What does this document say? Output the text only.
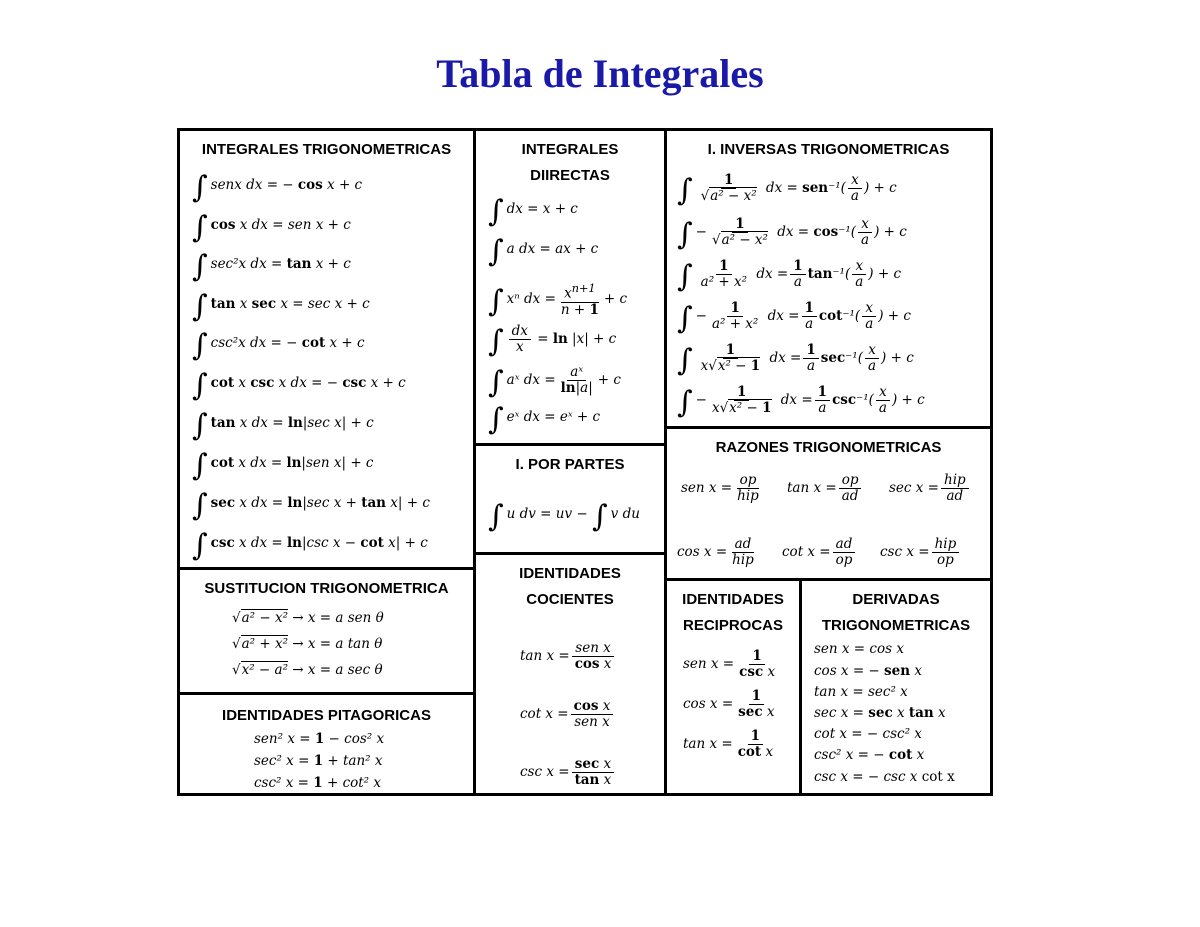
Tabla de Integrales
INTEGRALES TRIGONOMETRICAS
∫ senx dx = − cos x + c
∫ cos x dx = sen x + c
∫ sec²x dx = tan x + c
∫ tan x sec x = sec x + c
∫ csc²x dx = − cot x + c
∫ cot x csc x dx = − csc x + c
∫ tan x dx = ln|sec x| + c
∫ cot x dx = ln|sen x| + c
∫ sec x dx = ln|sec x + tan x| + c
∫ csc x dx = ln|csc x − cot x| + c
INTEGRALES
DIIRECTAS
∫ dx = x + c
∫ a dx = ax + c
∫ xⁿ dx = $\frac{x^{n+1}}{n + 1} + c$
∫ $\frac{dx}{x} = \ln |x| + c$
∫ aˣ dx = $\frac{\text{aˣ}}{\ln|a|} + c$
∫ eˣ dx = eˣ + c
I. INVERSAS TRIGONOMETRICAS
∫ $\frac{1}{\text{√a² − x²}}$ dx = $sen^{-1}( \frac{x}{a}$ ) + c
∫ − $\frac{1}{\text{√a² − x²}}$ dx = $\cos^{-1}( \frac{x}{a}$ ) + c
∫ $\frac{1}{\text{a² + x²}}$ dx = $\frac{1}{a} \tan^{-1}( \frac{x}{a}$ ) + c
∫ − $\frac{1}{\text{a² + x²}}$ dx = $\frac{1}{a} \cot^{-1}( \frac{x}{a}$ ) + c
∫ $\frac{1}{\text{x√x² − 1}}$ dx = $\frac{1}{a} \sec^{-1}( \frac{x}{a}$ ) + c
∫ − $\frac{1}{\text{x√x² − 1}}$ dx = $\frac{1}{a} \csc^{-1}( \frac{x}{a}$ ) + c
RAZONES TRIGONOMETRICAS
sen x = op
hip $\tan x = \frac{op}{ad}$ sec x = hip
ad
cos x = ad
hip $\cot x = \frac{ad}{op}$ csc x = hip
op
I. POR PARTES
∫ u dv = uv − ∫ v du
SUSTITUCION TRIGONOMETRICA
√a² − x² → x = a sen θ
√a² + x² → x = a tan θ
√x² − a² → x = a sec θ
IDENTIDADES
COCIENTES
tan x = sen x
cos x
cot x = cos x
sen x
csc x = sec x
tan x
IDENTIDADES
RECIPROCAS
sen x = 1
csc x
cos x = 1
sec x
$\tan x = \frac{1}{\text{cot x}}$
DERIVADAS
TRIGONOMETRICAS
sen x = cos x
cos x = − sen x
tan x = sec² x
sec x = sec x tan x
cot x = − csc² x
csc² x = − cot x
csc x = − csc x cot x
IDENTIDADES PITAGORICAS
sen² x = 1 − cos² x
sec² x = 1 + tan² x
csc² x = 1 + cot² x
